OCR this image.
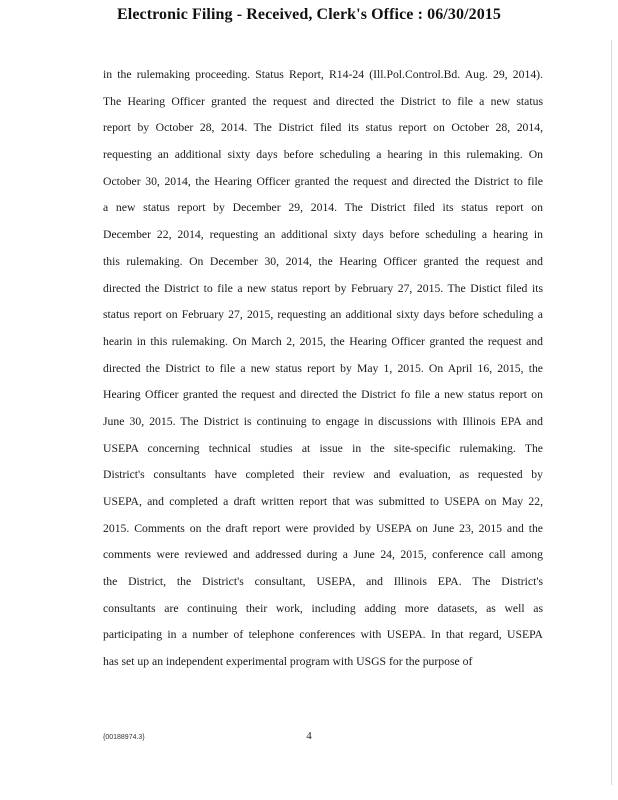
Electronic Filing - Received, Clerk's Office : 06/30/2015
in the rulemaking proceeding. Status Report, R14-24 (Ill.Pol.Control.Bd. Aug. 29, 2014).
The Hearing Officer granted the request and directed the District to file a new status
report by October 28, 2014. The District filed its status report on October 28, 2014,
requesting an additional sixty days before scheduling a hearing in this rulemaking. On
October 30, 2014, the Hearing Officer granted the request and directed the District to file
a new status report by December 29, 2014. The District filed its status report on
December 22, 2014, requesting an additional sixty days before scheduling a hearing in
this rulemaking. On December 30, 2014, the Hearing Officer granted the request and
directed the District to file a new status report by February 27, 2015. The Distict filed its
status report on February 27, 2015, requesting an additional sixty days before scheduling a
hearin in this rulemaking. On March 2, 2015, the Hearing Officer granted the request and
directed the District to file a new status report by May 1, 2015. On April 16, 2015, the
Hearing Officer granted the request and directed the District fo file a new status report on
June 30, 2015. The District is continuing to engage in discussions with Illinois EPA and
USEPA concerning technical studies at issue in the site-specific rulemaking. The
District's consultants have completed their review and evaluation, as requested by
USEPA, and completed a draft written report that was submitted to USEPA on May 22,
2015. Comments on the draft report were provided by USEPA on June 23, 2015 and the
comments were reviewed and addressed during a June 24, 2015, conference call among
the District, the District's consultant, USEPA, and Illinois EPA. The District's
consultants are continuing their work, including adding more datasets, as well as
participating in a number of telephone conferences with USEPA. In that regard, USEPA
has set up an independent experimental program with USGS for the purpose of
{00188974.3}	4
